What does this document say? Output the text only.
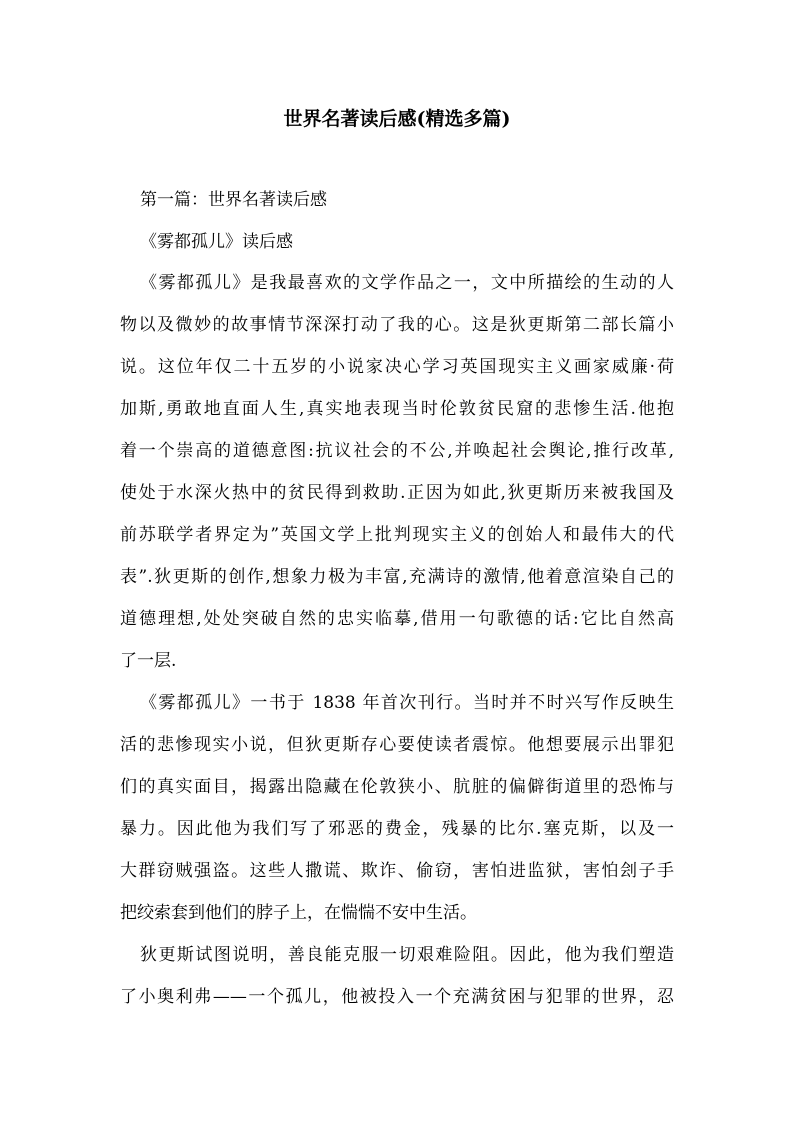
世界名著读后感(精选多篇)
第一篇：世界名著读后感
《雾都孤儿》读后感
《雾都孤儿》是我最喜欢的文学作品之一，文中所描绘的生动的人
物以及微妙的故事情节深深打动了我的心。这是狄更斯第二部长篇小
说。这位年仅二十五岁的小说家决心学习英国现实主义画家威廉·荷
加斯,勇敢地直面人生,真实地表现当时伦敦贫民窟的悲惨生活.他抱
着一个崇高的道德意图:抗议社会的不公,并唤起社会舆论,推行改革,
使处于水深火热中的贫民得到救助.正因为如此,狄更斯历来被我国及
前苏联学者界定为”英国文学上批判现实主义的创始人和最伟大的代
表”.狄更斯的创作,想象力极为丰富,充满诗的激情,他着意渲染自己的
道德理想,处处突破自然的忠实临摹,借用一句歌德的话:它比自然高
了一层.
《雾都孤儿》一书于 1838 年首次刊行。当时并不时兴写作反映生
活的悲惨现实小说，但狄更斯存心要使读者震惊。他想要展示出罪犯
们的真实面目，揭露出隐藏在伦敦狭小、肮脏的偏僻街道里的恐怖与
暴力。因此他为我们写了邪恶的费金，残暴的比尔.塞克斯，以及一
大群窃贼强盗。这些人撒谎、欺诈、偷窃，害怕进监狱，害怕刽子手
把绞索套到他们的脖子上，在惴惴不安中生活。
狄更斯试图说明，善良能克服一切艰难险阻。因此，他为我们塑造
了小奥利弗——一个孤儿，他被投入一个充满贫困与犯罪的世界，忍
